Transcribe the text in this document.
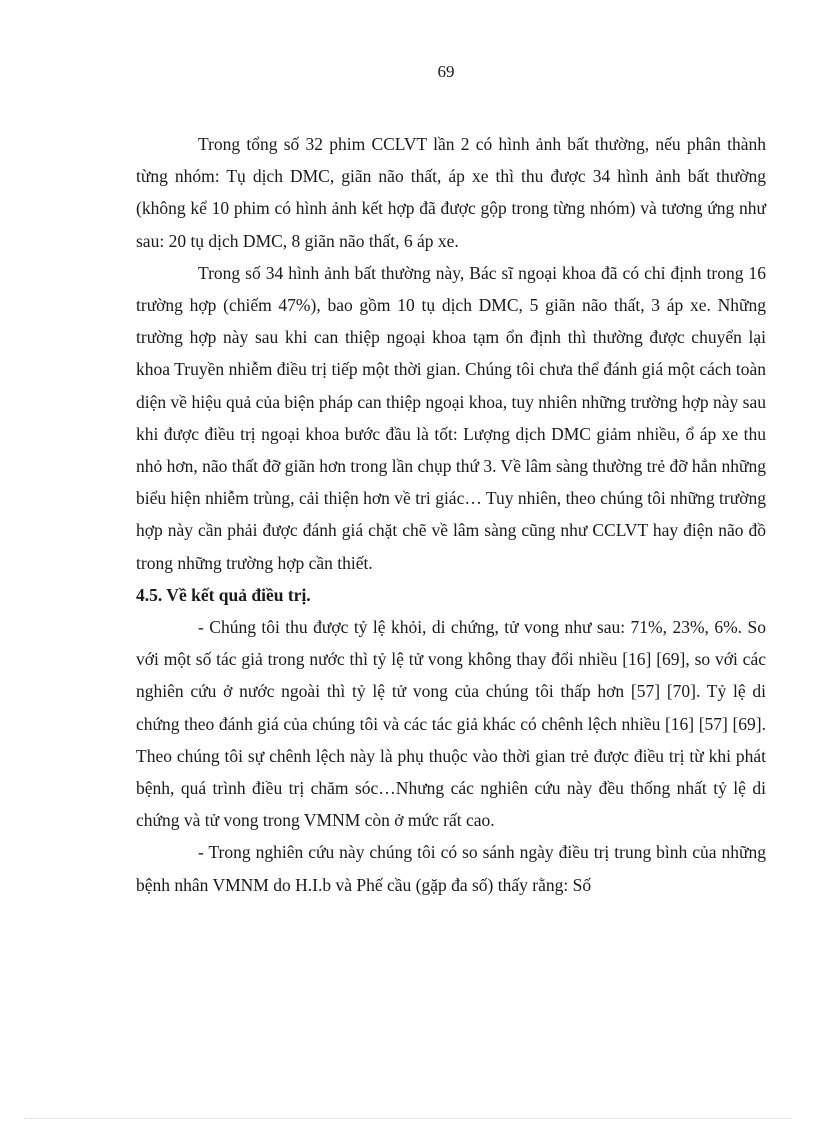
69

Trong tổng số 32 phim CCLVT lần 2 có hình ảnh bất thường, nếu phân thành từng nhóm: Tụ dịch DMC, giãn não thất, áp xe thì thu được 34 hình ảnh bất thường (không kể 10 phim có hình ảnh kết hợp đã được gộp trong từng nhóm) và tương ứng như sau: 20 tụ dịch DMC, 8 giãn não thất, 6 áp xe.

Trong số 34 hình ảnh bất thường này, Bác sĩ ngoại khoa đã có chỉ định trong 16 trường hợp (chiếm 47%), bao gồm 10 tụ dịch DMC, 5 giãn não thất, 3 áp xe. Những trường hợp này sau khi can thiệp ngoại khoa tạm ổn định thì thường được chuyển lại khoa Truyền nhiễm điều trị tiếp một thời gian. Chúng tôi chưa thể đánh giá một cách toàn diện về hiệu quả của biện pháp can thiệp ngoại khoa, tuy nhiên những trường hợp này sau khi được điều trị ngoại khoa bước đầu là tốt: Lượng dịch DMC giảm nhiều, ổ áp xe thu nhỏ hơn, não thất đỡ giãn hơn trong lần chụp thứ 3. Về lâm sàng thường trẻ đỡ hẳn những biểu hiện nhiễm trùng, cải thiện hơn về tri giác… Tuy nhiên, theo chúng tôi những trường hợp này cần phải được đánh giá chặt chẽ về lâm sàng cũng như CCLVT hay điện não đồ trong những trường hợp cần thiết.

4.5. Về kết quả điều trị.

- Chúng tôi thu được tỷ lệ khỏi, di chứng, tử vong như sau: 71%, 23%, 6%. So với một số tác giả trong nước thì tỷ lệ tử vong không thay đổi nhiều [16] [69], so với các nghiên cứu ở nước ngoài thì tỷ lệ tử vong của chúng tôi thấp hơn [57] [70]. Tỷ lệ di chứng theo đánh giá của chúng tôi và các tác giả khác có chênh lệch nhiều [16] [57] [69]. Theo chúng tôi sự chênh lệch này là phụ thuộc vào thời gian trẻ được điều trị từ khi phát bệnh, quá trình điều trị chăm sóc…Nhưng các nghiên cứu này đều thống nhất tỷ lệ di chứng và tử vong trong VMNM còn ở mức rất cao.

- Trong nghiên cứu này chúng tôi có so sánh ngày điều trị trung bình của những bệnh nhân VMNM do H.I.b và Phế cầu (gặp đa số) thấy rằng: Số
